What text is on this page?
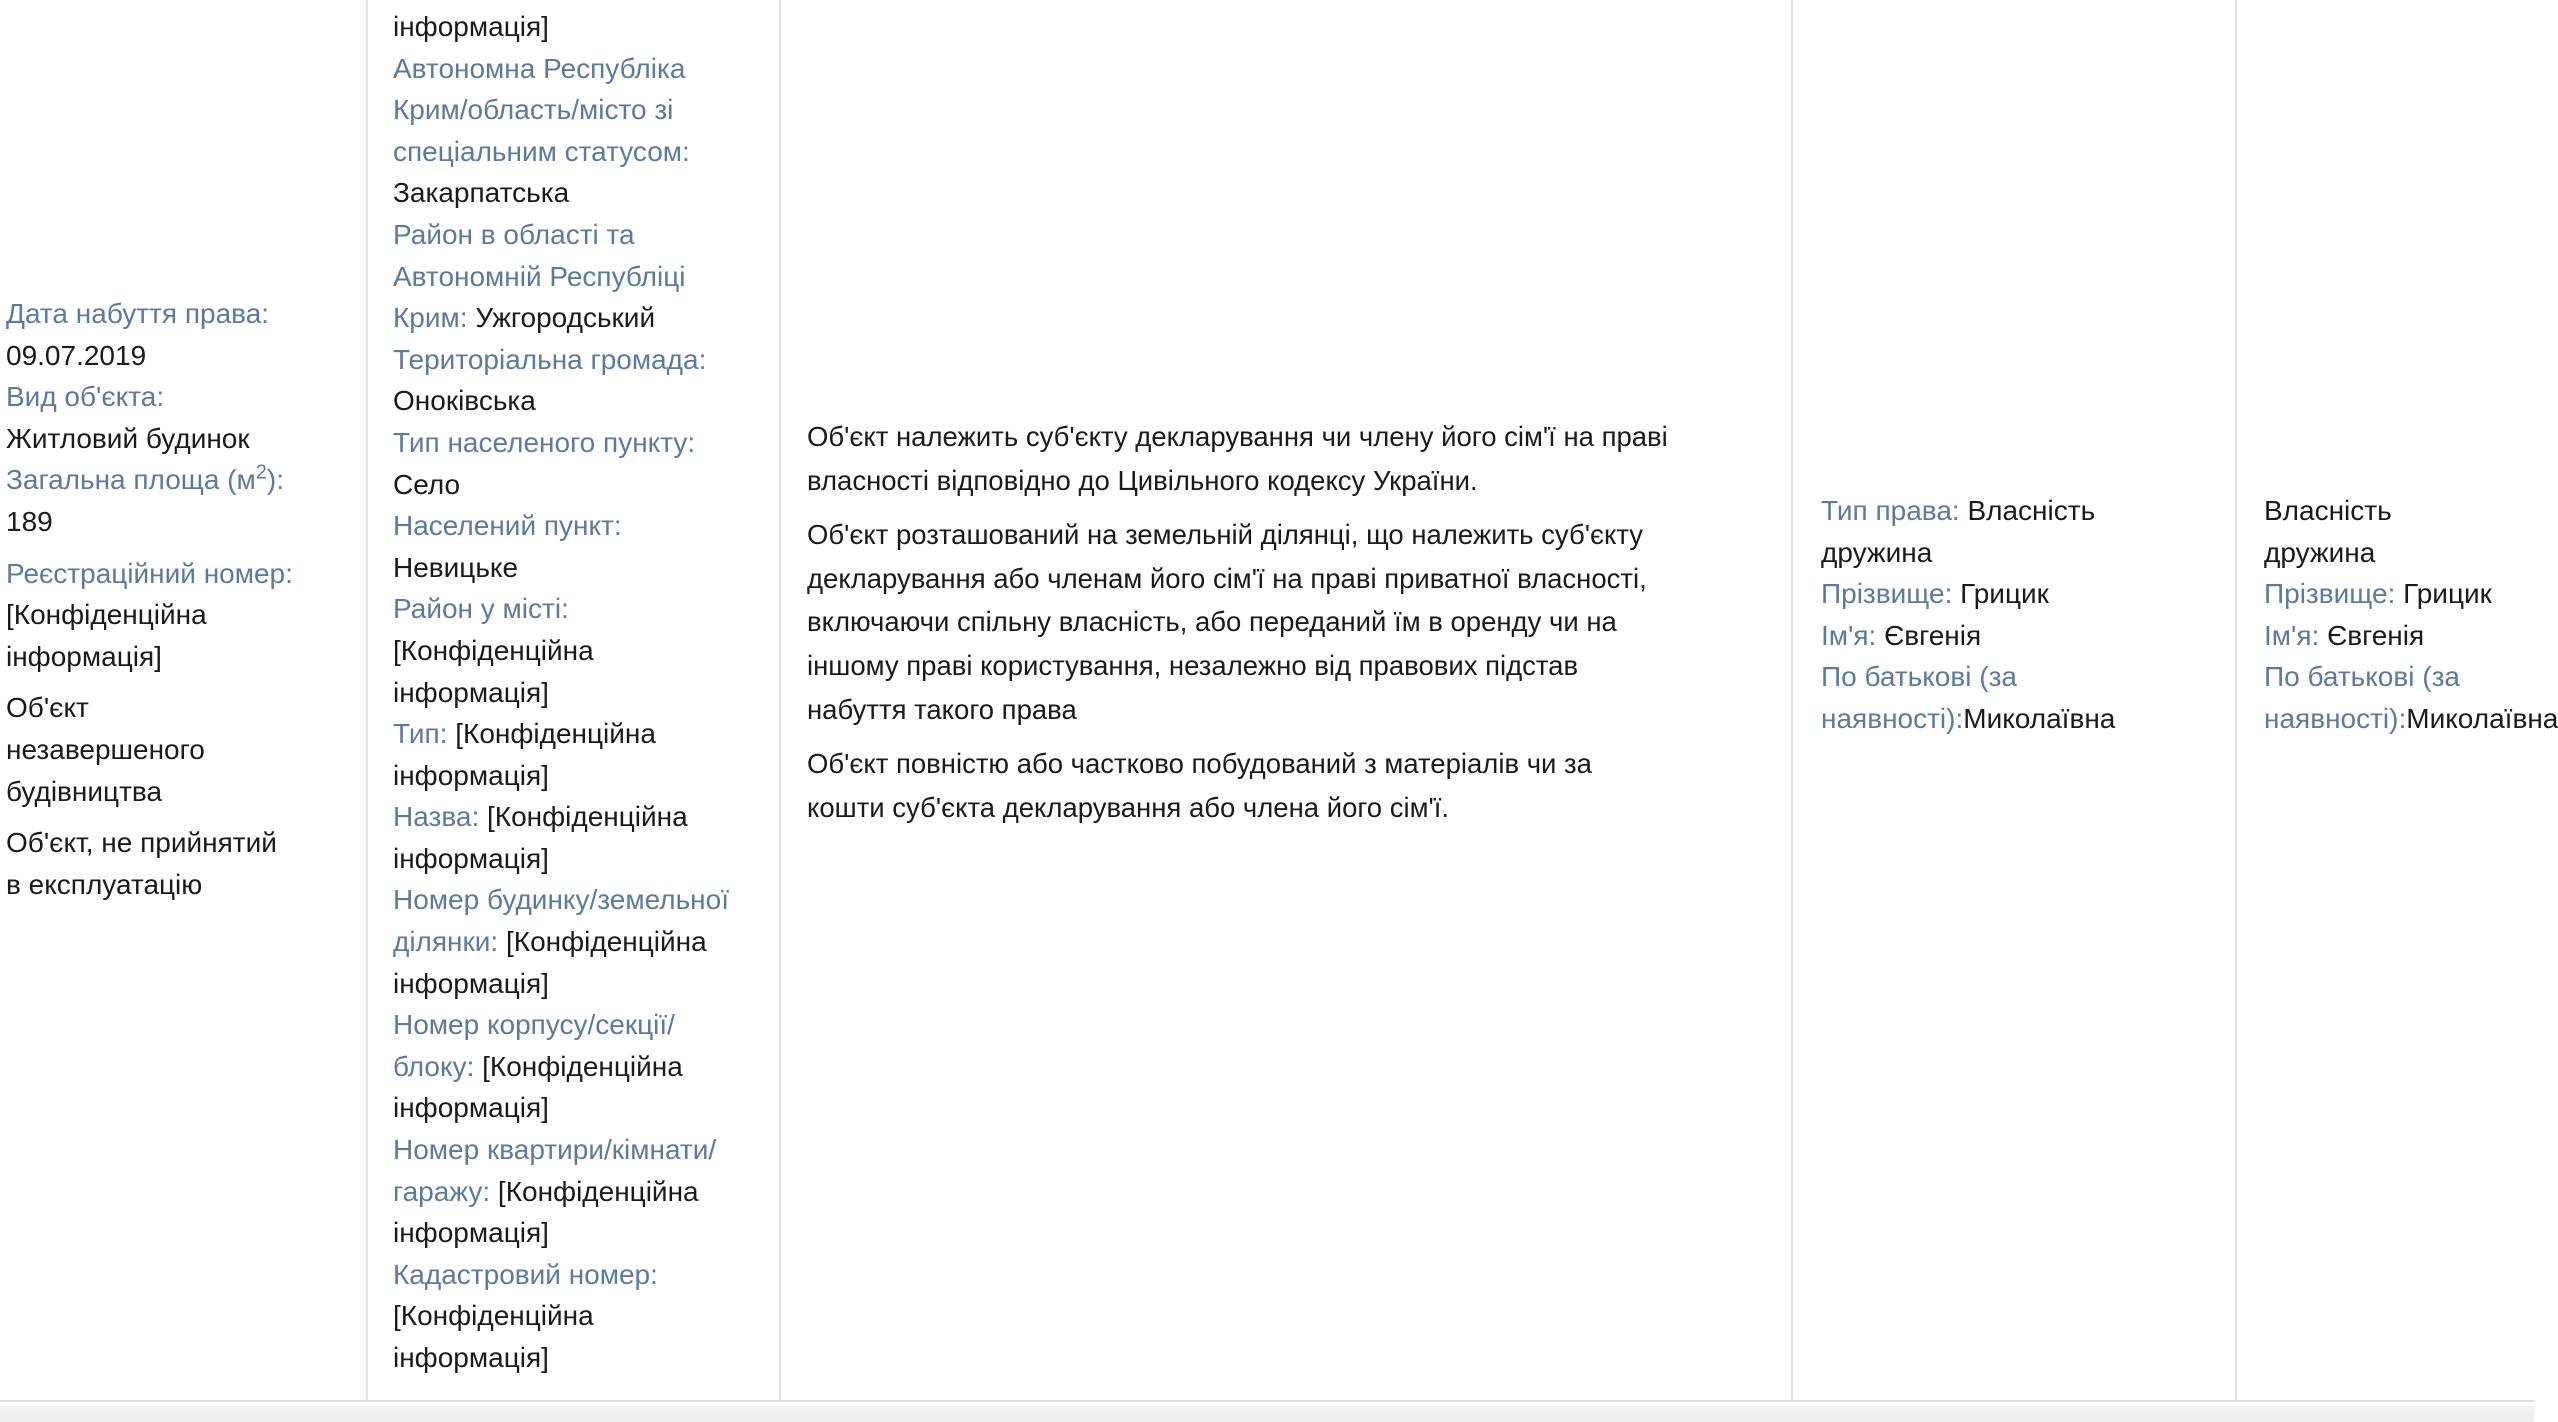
Дата набуття права:
09.07.2019
Вид об'єкта:
Житловий будинок
Загальна площа $(м^2)$:
189
Реєстраційний номер:
[Конфіденційна
інформація]
Об'єкт
незавершеного
будівництва
Об'єкт, не прийнятий
в експлуатацію
інформація]
Автономна Республіка
Крим/область/місто зі
спеціальним статусом:
Закарпатська
Район в області та
Автономній Республіці
Крим: Ужгородський
Територіальна громада:
Оноківська
Тип населеного пункту:
Село
Населений пункт:
Невицьке
Район у місті:
[Конфіденційна
інформація]
Тип: [Конфіденційна
інформація]
Назва: [Конфіденційна
інформація]
Номер будинку/земельної
ділянки: [Конфіденційна
інформація]
Номер корпусу/секції/
блоку: [Конфіденційна
інформація]
Номер квартири/кімнати/
гаражу: [Конфіденційна
інформація]
Кадастровий номер:
[Конфіденційна
інформація]
Об'єкт належить суб'єкту декларування чи члену його сім'ї на праві
власності відповідно до Цивільного кодексу України.
Об'єкт розташований на земельній ділянці, що належить суб'єкту
декларування або членам його сім'ї на праві приватної власності,
включаючи спільну власність, або переданий їм в оренду чи на
іншому праві користування, незалежно від правових підстав
набуття такого права
Об'єкт повністю або частково побудований з матеріалів чи за
кошти суб'єкта декларування або члена його сім'ї.
Тип права: Власність
дружина
Прізвище: Грицик
Ім'я: Євгенія
По батькові (за
наявності):Миколаївна
Власність
дружина
Прізвище: Грицик
Ім'я: Євгенія
По батькові (за
наявності):Миколаївна
